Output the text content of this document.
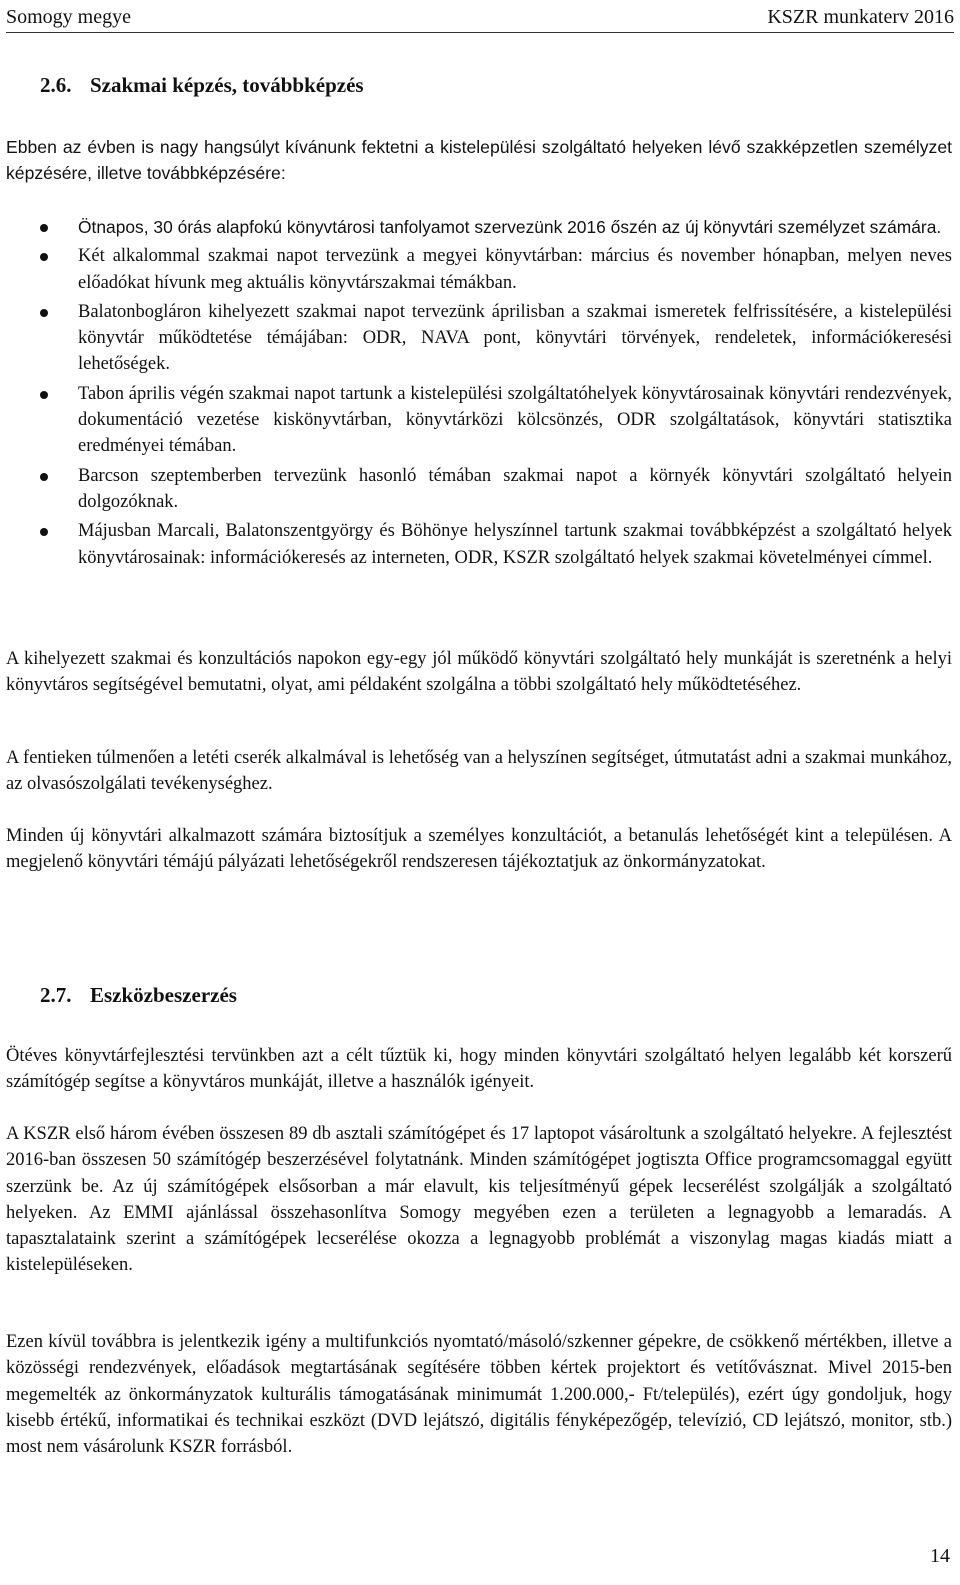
Somogy megye	KSZR munkaterv 2016
2.6. Szakmai képzés, továbbképzés

Ebben az évben is nagy hangsúlyt kívánunk fektetni a kistelepülési szolgáltató helyeken lévő szakképzetlen személyzet képzésére, illetve továbbképzésére:

Ötnapos, 30 órás alapfokú könyvtárosi tanfolyamot szervezünk 2016 őszén az új könyvtári személyzet számára.
Két alkalommal szakmai napot tervezünk a megyei könyvtárban: március és november hónapban, melyen neves előadókat hívunk meg aktuális könyvtárszakmai témákban.
Balatonbogláron kihelyezett szakmai napot tervezünk áprilisban a szakmai ismeretek felfrissítésére, a kistelepülési könyvtár működtetése témájában: ODR, NAVA pont, könyvtári törvények, rendeletek, információkeresési lehetőségek.
Tabon április végén szakmai napot tartunk a kistelepülési szolgáltatóhelyek könyvtárosainak könyvtári rendezvények, dokumentáció vezetése kiskönyvtárban, könyvtárközi kölcsönzés, ODR szolgáltatások, könyvtári statisztika eredményei témában.
Barcson szeptemberben tervezünk hasonló témában szakmai napot a környék könyvtári szolgáltató helyein dolgozóknak.
Májusban Marcali, Balatonszentgyörgy és Böhönye helyszínnel tartunk szakmai továbbképzést a szolgáltató helyek könyvtárosainak: információkeresés az interneten, ODR, KSZR szolgáltató helyek szakmai követelményei címmel.

A kihelyezett szakmai és konzultációs napokon egy-egy jól működő könyvtári szolgáltató hely munkáját is szeretnénk a helyi könyvtáros segítségével bemutatni, olyat, ami példaként szolgálna a többi szolgáltató hely működtetéséhez.

A fentieken túlmenően a letéti cserék alkalmával is lehetőség van a helyszínen segítséget, útmutatást adni a szakmai munkához, az olvasószolgálati tevékenységhez.

Minden új könyvtári alkalmazott számára biztosítjuk a személyes konzultációt, a betanulás lehetőségét kint a településen. A megjelenő könyvtári témájú pályázati lehetőségekről rendszeresen tájékoztatjuk az önkormányzatokat.

2.7. Eszközbeszerzés

Ötéves könyvtárfejlesztési tervünkben azt a célt tűztük ki, hogy minden könyvtári szolgáltató helyen legalább két korszerű számítógép segítse a könyvtáros munkáját, illetve a használók igényeit.

A KSZR első három évében összesen 89 db asztali számítógépet és 17 laptopot vásároltunk a szolgáltató helyekre. A fejlesztést 2016-ban összesen 50 számítógép beszerzésével folytatnánk. Minden számítógépet jogtiszta Office programcsomaggal együtt szerzünk be. Az új számítógépek elsősorban a már elavult, kis teljesítményű gépek lecserélést szolgálják a szolgáltató helyeken. Az EMMI ajánlással összehasonlítva Somogy megyében ezen a területen a legnagyobb a lemaradás. A tapasztalataink szerint a számítógépek lecserélése okozza a legnagyobb problémát a viszonylag magas kiadás miatt a kistelepüléseken.

Ezen kívül továbbra is jelentkezik igény a multifunkciós nyomtató/másoló/szkenner gépekre, de csökkenő mértékben, illetve a közösségi rendezvények, előadások megtartásának segítésére többen kértek projektort és vetítővásznat. Mivel 2015-ben megemelték az önkormányzatok kulturális támogatásának minimumát 1.200.000,- Ft/település), ezért úgy gondoljuk, hogy kisebb értékű, informatikai és technikai eszközt (DVD lejátszó, digitális fényképezőgép, televízió, CD lejátszó, monitor, stb.) most nem vásárolunk KSZR forrásból.

14
